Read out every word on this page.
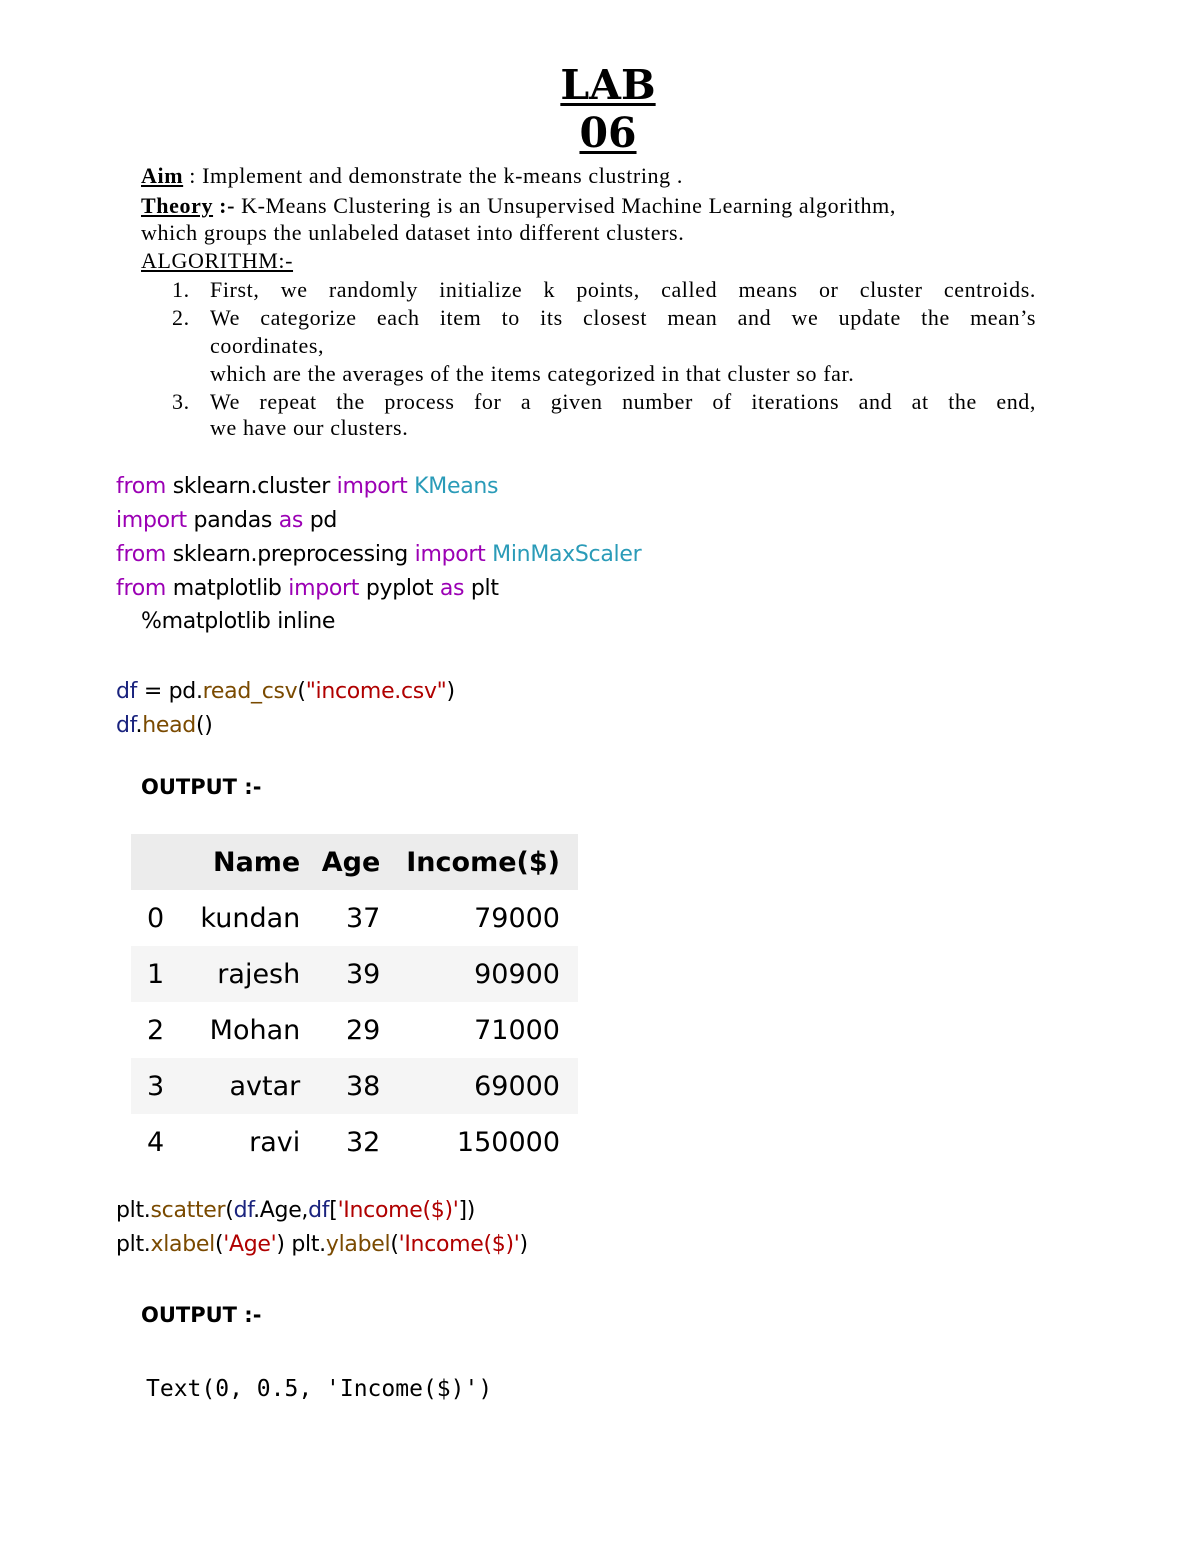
LAB
06
Aim : Implement and demonstrate the k-means clustring .
Theory :- K-Means Clustering is an Unsupervised Machine Learning algorithm,
which groups the unlabeled dataset into different clusters.
ALGORITHM:-
1. First, we randomly initialize k points, called means or cluster centroids.
2. We categorize each item to its closest mean and we update the mean’s
coordinates,
which are the averages of the items categorized in that cluster so far.
3. We repeat the process for a given number of iterations and at the end,
we have our clusters.
from sklearn.cluster import KMeans
import pandas as pd
from sklearn.preprocessing import MinMaxScaler
from matplotlib import pyplot as plt
%matplotlib inline
df = pd.read_csv("income.csv")
df.head()
OUTPUT :-
	Name	Age	Income($)
0	kundan	37	79000
1	rajesh	39	90900
2	Mohan	29	71000
3	avtar	38	69000
4	ravi	32	150000
plt.scatter(df.Age,df['Income($)'])
plt.xlabel('Age') plt.ylabel('Income($)')
OUTPUT :-
Text(0, 0.5, 'Income($)')
